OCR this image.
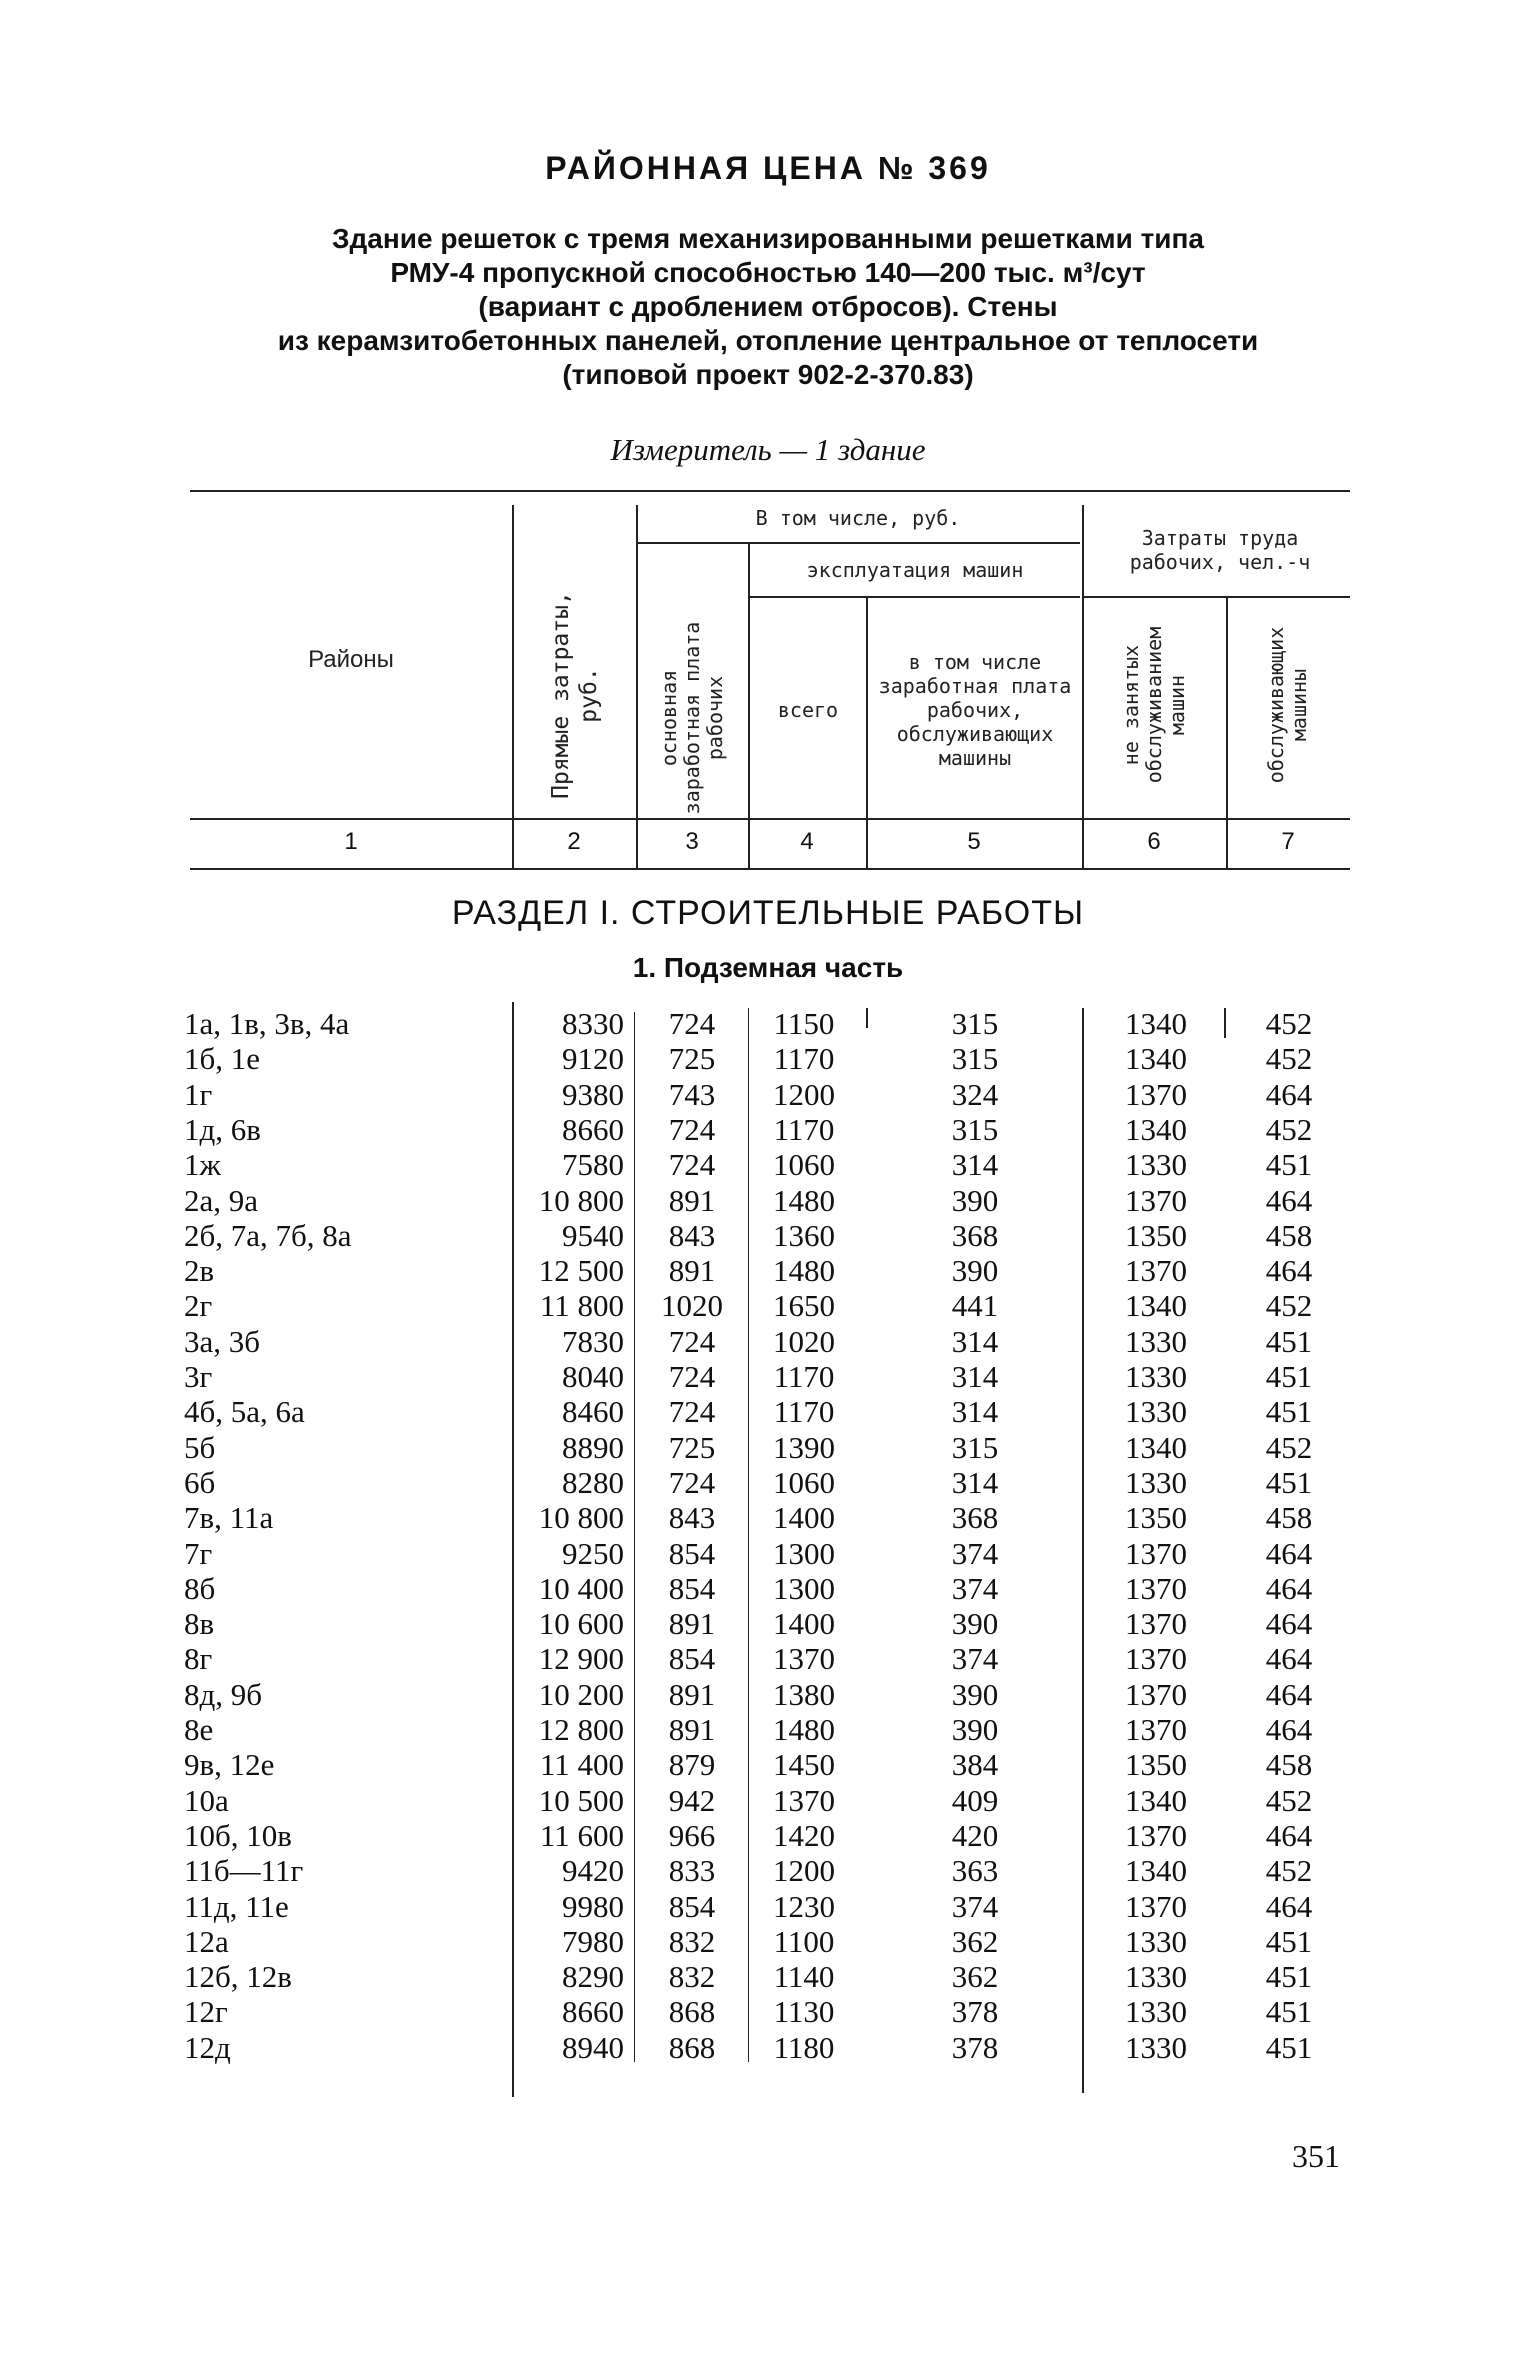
РАЙОННАЯ ЦЕНА № 369
Здание решеток с тремя механизированными решетками типа
РМУ-4 пропускной способностью 140—200 тыс. м³/сут
(вариант с дроблением отбросов). Стены
из керамзитобетонных панелей, отопление центральное от теплосети
(типовой проект 902-2-370.83)
Измеритель — 1 здание
Районы	Прямые затраты, руб.
В том числе, руб.
основная заработная плата рабочих
эксплуатация машин
всего
в том числе заработная плата рабочих, обслуживающих машины
Затраты труда рабочих, чел.-ч
не занятых обслуживанием машин	обслуживающих машины
1	2	3	4	5	6	7
РАЗДЕЛ I. СТРОИТЕЛЬНЫЕ РАБОТЫ
1. Подземная часть
1а, 1в, 3в, 4а	8330	724	1150	315	1340	452
1б, 1е	9120	725	1170	315	1340	452
1г	9380	743	1200	324	1370	464
1д, 6в	8660	724	1170	315	1340	452
1ж	7580	724	1060	314	1330	451
2а, 9а	10 800	891	1480	390	1370	464
2б, 7а, 7б, 8а	9540	843	1360	368	1350	458
2в	12 500	891	1480	390	1370	464
2г	11 800	1020	1650	441	1340	452
3а, 3б	7830	724	1020	314	1330	451
3г	8040	724	1170	314	1330	451
4б, 5а, 6а	8460	724	1170	314	1330	451
5б	8890	725	1390	315	1340	452
6б	8280	724	1060	314	1330	451
7в, 11а	10 800	843	1400	368	1350	458
7г	9250	854	1300	374	1370	464
8б	10 400	854	1300	374	1370	464
8в	10 600	891	1400	390	1370	464
8г	12 900	854	1370	374	1370	464
8д, 9б	10 200	891	1380	390	1370	464
8е	12 800	891	1480	390	1370	464
9в, 12е	11 400	879	1450	384	1350	458
10а	10 500	942	1370	409	1340	452
10б, 10в	11 600	966	1420	420	1370	464
11б—11г	9420	833	1200	363	1340	452
11д, 11е	9980	854	1230	374	1370	464
12а	7980	832	1100	362	1330	451
12б, 12в	8290	832	1140	362	1330	451
12г	8660	868	1130	378	1330	451
12д	8940	868	1180	378	1330	451
351
